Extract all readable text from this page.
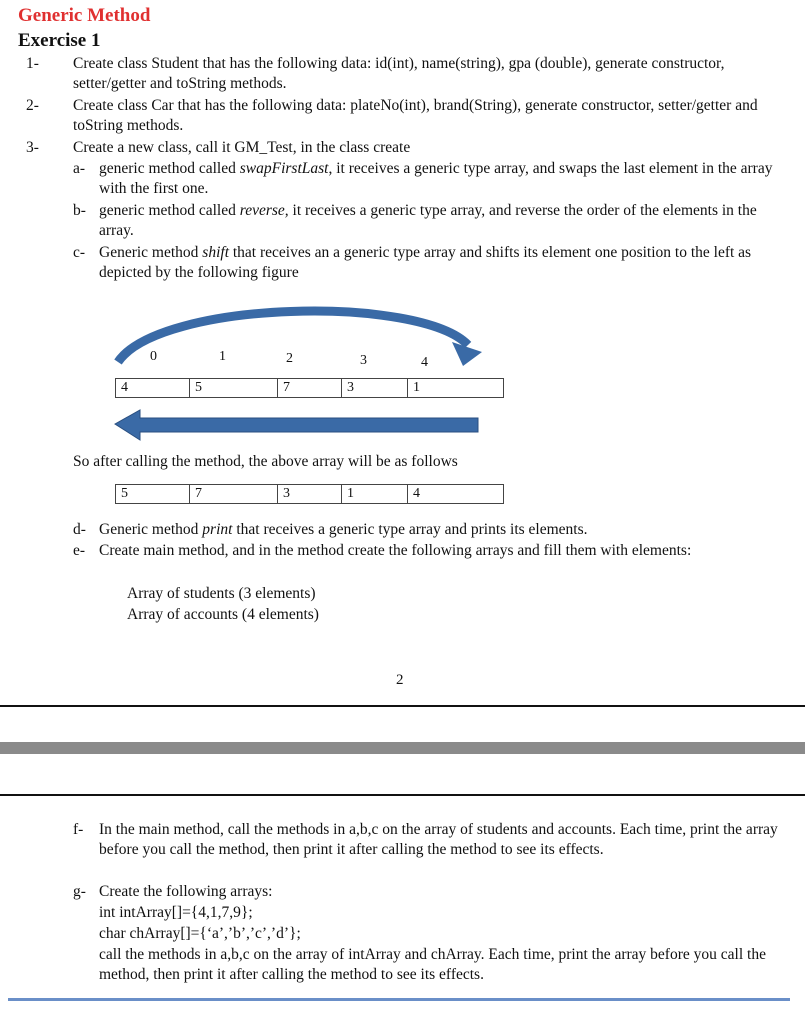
Generic Method
Exercise 1
1-	Create class Student that has the following data: id(int), name(string), gpa (double), generate constructor, setter/getter and toString methods.
2-	Create class Car that has the following data: plateNo(int), brand(String), generate constructor, setter/getter and toString methods.
3-	Create a new class, call it GM_Test, in the class create
a- generic method called swapFirstLast, it receives a generic type array, and swaps the last element in the array with the first one.
b- generic method called reverse, it receives a generic type array, and reverse the order of the elements in the array.
c- Generic method shift that receives an a generic type array and shifts its element one position to the left as depicted by the following figure
0	1	2	3	4
4	5	7	3	1
So after calling the method, the above array will be as follows
5	7	3	1	4
d- Generic method print that receives a generic type array and prints its elements.
e- Create main method, and in the method create the following arrays and fill them with elements:
Array of students (3 elements)
Array of accounts (4 elements)
2
f-	In the main method, call the methods in a,b,c on the array of students and accounts. Each time, print the array before you call the method, then print it after calling the method to see its effects.
g- Create the following arrays:
int intArray[]={4,1,7,9};
char chArray[]={‘a’,’b’,’c’,’d’};
call the methods in a,b,c on the array of intArray and chArray. Each time, print the array before you call the method, then print it after calling the method to see its effects.
